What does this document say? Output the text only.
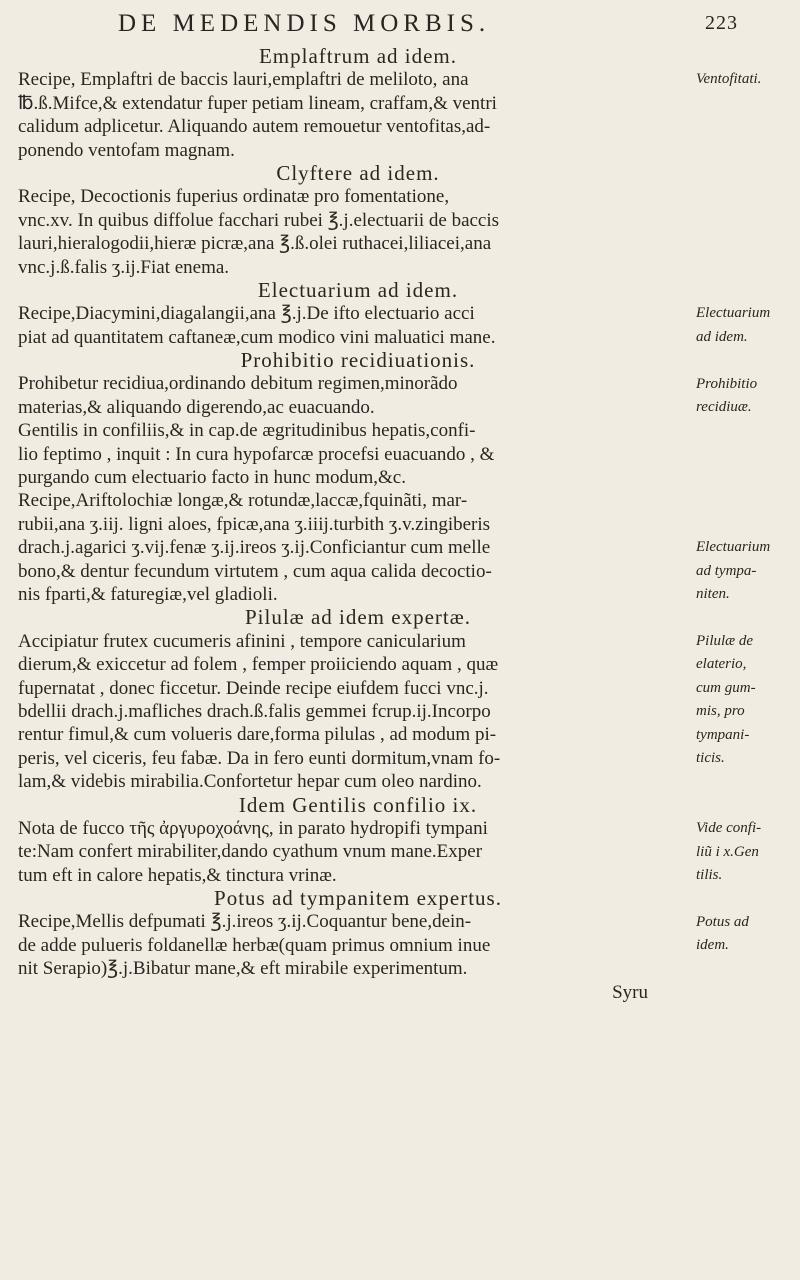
DE MEDENDIS MORBIS.	223
Emplaftrum ad idem.
Recipe, Emplaftri de baccis lauri,emplaftri de meliloto, ana
℔.ß.Mifce,& extendatur fuper petiam lineam, craffam,& ventri
calidum adplicetur. Aliquando autem remouetur ventofitas,ad-
ponendo ventofam magnam.
Clyftere ad idem.
Recipe, Decoctionis fuperius ordinatæ pro fomentatione,
vnc.xv. In quibus diffolue facchari rubei ℥.j.electuarii de baccis
lauri,hieralogodii,hieræ picræ,ana ℥.ß.olei ruthacei,liliacei,ana
vnc.j.ß.falis ʒ.ij.Fiat enema.
Electuarium ad idem.
Recipe,Diacymini,diagalangii,ana ℥.j.De ifto electuario acci
piat ad quantitatem caftaneæ,cum modico vini maluatici mane.
Prohibitio recidiuationis.
Prohibetur recidiua,ordinando debitum regimen,minorãdo
materias,& aliquando digerendo,ac euacuando.
Gentilis in confiliis,& in cap.de ægritudinibus hepatis,confi-
lio feptimo , inquit : In cura hypofarcæ procefsi euacuando , &
purgando cum electuario facto in hunc modum,&c.
Recipe,Ariftolochiæ longæ,& rotundæ,laccæ,fquinãti, mar-
rubii,ana ʒ.iij. ligni aloes, fpicæ,ana ʒ.iiij.turbith ʒ.v.zingiberis
drach.j.agarici ʒ.vij.fenæ ʒ.ij.ireos ʒ.ij.Conficiantur cum melle
bono,& dentur fecundum virtutem , cum aqua calida decoctio-
nis fparti,& faturegiæ,vel gladioli.
Pilulæ ad idem expertæ.
Accipiatur frutex cucumeris afinini , tempore canicularium
dierum,& exiccetur ad folem , femper proiiciendo aquam , quæ
fupernatat , donec ficcetur. Deinde recipe eiufdem fucci vnc.j.
bdellii drach.j.mafliches drach.ß.falis gemmei fcrup.ij.Incorpo
rentur fimul,& cum volueris dare,forma pilulas , ad modum pi-
peris, vel ciceris, feu fabæ. Da in fero eunti dormitum,vnam fo-
lam,& videbis mirabilia.Confortetur hepar cum oleo nardino.
Idem Gentilis confilio ix.
Nota de fucco τῆς ἀργυροχοάνης, in parato hydropifi tympani
te:Nam confert mirabiliter,dando cyathum vnum mane.Exper
tum eft in calore hepatis,& tinctura vrinæ.
Potus ad tympanitem expertus.
Recipe,Mellis defpumati ℥.j.ireos ʒ.ij.Coquantur bene,dein-
de adde pulueris foldanellæ herbæ(quam primus omnium inue
nit Serapio)℥.j.Bibatur mane,& eft mirabile experimentum.
Syru
Ventofitati.
Electuarium
ad idem.
Prohibitio
recidiuæ.
Electuarium
ad tympa-
niten.
Pilulæ de
elaterio,
cum gum-
mis, pro
tympani-
ticis.
Vide confi-
liũ i x.Gen
tilis.
Potus ad
idem.
